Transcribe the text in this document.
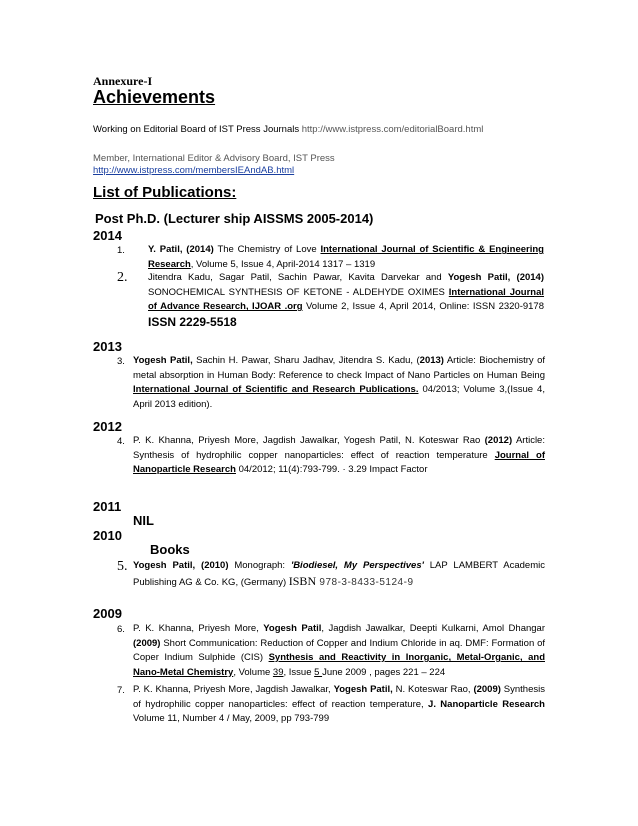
Annexure-I
Achievements
Working on Editorial Board of IST Press Journals http://www.istpress.com/editorialBoard.html
Member, International Editor & Advisory Board, IST Press
http://www.istpress.com/membersIEAndAB.html
List of Publications:
Post Ph.D. (Lecturer ship AISSMS 2005-2014)
2014
1.	Y. Patil, (2014) The Chemistry of Love International Journal of Scientific & Engineering Research, Volume 5, Issue 4, April-2014 1317 – 1319
2.	Jitendra Kadu, Sagar Patil, Sachin Pawar, Kavita Darvekar and Yogesh Patil, (2014) SONOCHEMICAL SYNTHESIS OF KETONE - ALDEHYDE OXIMES International Journal of Advance Research, IJOAR .org Volume 2, Issue 4, April 2014, Online: ISSN 2320-9178 ISSN 2229-5518
2013
3. Yogesh Patil, Sachin H. Pawar, Sharu Jadhav, Jitendra S. Kadu, (2013) Article: Biochemistry of metal absorption in Human Body: Reference to check Impact of Nano Particles on Human Being International Journal of Scientific and Research Publications. 04/2013; Volume 3,(Issue 4, April 2013 edition).
2012
4. P. K. Khanna, Priyesh More, Jagdish Jawalkar, Yogesh Patil, N. Koteswar Rao (2012) Article: Synthesis of hydrophilic copper nanoparticles: effect of reaction temperature Journal of Nanoparticle Research 04/2012; 11(4):793-799. · 3.29 Impact Factor
2011
NIL
2010
Books
5. Yogesh Patil, (2010) Monograph: 'Biodiesel, My Perspectives' LAP LAMBERT Academic Publishing AG & Co. KG, (Germany) ISBN 978-3-8433-5124-9
2009
6. P. K. Khanna, Priyesh More, Yogesh Patil, Jagdish Jawalkar, Deepti Kulkarni, Amol Dhangar (2009) Short Communication: Reduction of Copper and Indium Chloride in aq. DMF: Formation of Coper Indium Sulphide (CIS) Synthesis and Reactivity in Inorganic, Metal-Organic, and Nano-Metal Chemistry, Volume 39, Issue 5 June 2009 , pages 221 – 224
7. P. K. Khanna, Priyesh More, Jagdish Jawalkar, Yogesh Patil, N. Koteswar Rao, (2009) Synthesis of hydrophilic copper nanoparticles: effect of reaction temperature, J. Nanoparticle Research Volume 11, Number 4 / May, 2009, pp 793-799
